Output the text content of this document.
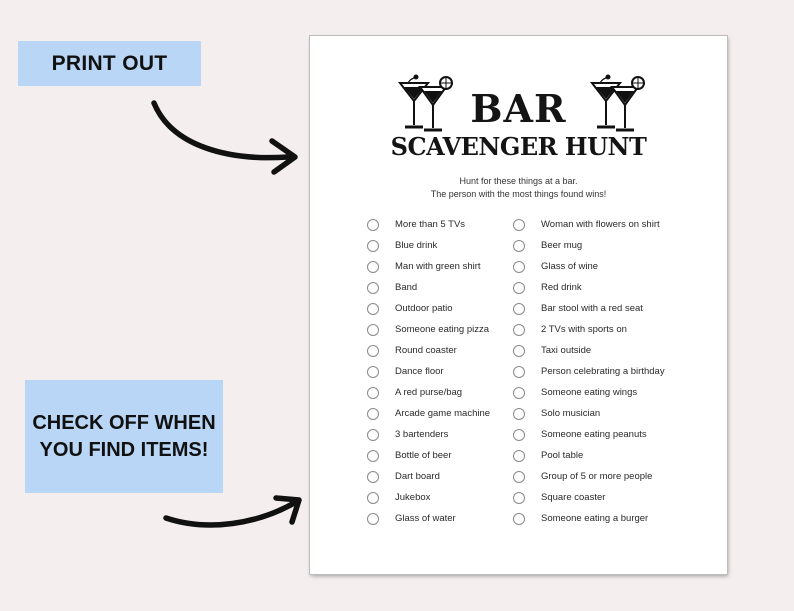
PRINT OUT
CHECK OFF WHEN YOU FIND ITEMS!
BAR
SCAVENGER HUNT
Hunt for these things at a bar.
The person with the most things found wins!
More than 5 TVs
Blue drink
Man with green shirt
Band
Outdoor patio
Someone eating pizza
Round coaster
Dance floor
A red purse/bag
Arcade game machine
3 bartenders
Bottle of beer
Dart board
Jukebox
Glass of water
Woman with flowers on shirt
Beer mug
Glass of wine
Red drink
Bar stool with a red seat
2 TVs with sports on
Taxi outside
Person celebrating a birthday
Someone eating wings
Solo musician
Someone eating peanuts
Pool table
Group of 5 or more people
Square coaster
Someone eating a burger
